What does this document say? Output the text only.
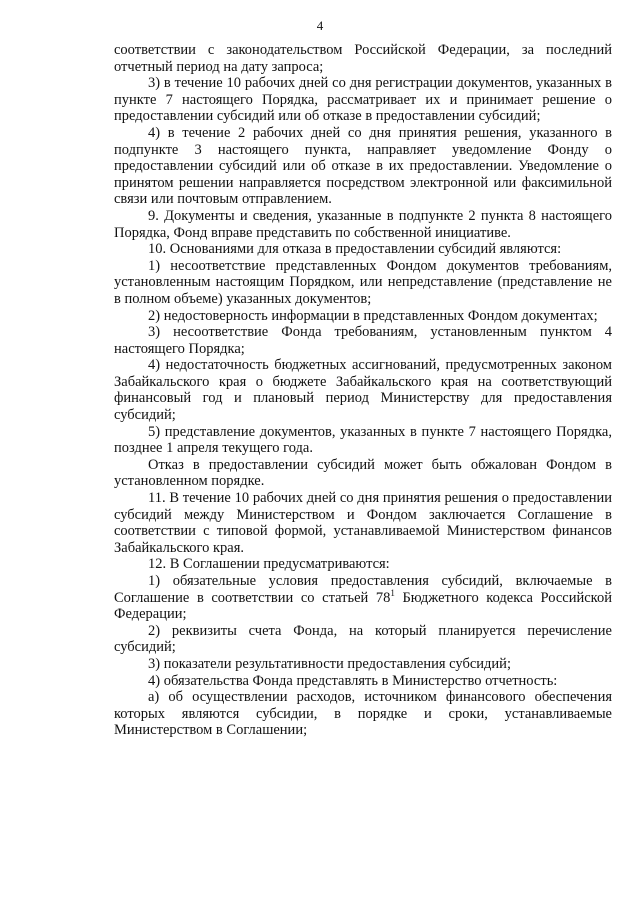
4

соответствии с законодательством Российской Федерации, за последний отчетный период на дату запроса;

3) в течение 10 рабочих дней со дня регистрации документов, указанных в пункте 7 настоящего Порядка, рассматривает их и принимает решение о предоставлении субсидий или об отказе в предоставлении субсидий;

4) в течение 2 рабочих дней со дня принятия решения, указанного в подпункте 3 настоящего пункта, направляет уведомление Фонду о предоставлении субсидий или об отказе в их предоставлении. Уведомление о принятом решении направляется посредством электронной или факсимильной связи или почтовым отправлением.

9. Документы и сведения, указанные в подпункте 2 пункта 8 настоящего Порядка, Фонд вправе представить по собственной инициативе.

10. Основаниями для отказа в предоставлении субсидий являются:

1) несоответствие представленных Фондом документов требованиям, установленным настоящим Порядком, или непредставление (представление не в полном объеме) указанных документов;

2) недостоверность информации в представленных Фондом документах;

3) несоответствие Фонда требованиям, установленным пунктом 4 настоящего Порядка;

4) недостаточность бюджетных ассигнований, предусмотренных законом Забайкальского края о бюджете Забайкальского края на соответствующий финансовый год и плановый период Министерству для предоставления субсидий;

5) представление документов, указанных в пункте 7 настоящего Порядка, позднее 1 апреля текущего года.

Отказ в предоставлении субсидий может быть обжалован Фондом в установленном порядке.

11. В течение 10 рабочих дней со дня принятия решения о предоставлении субсидий между Министерством и Фондом заключается Соглашение в соответствии с типовой формой, устанавливаемой Министерством финансов Забайкальского края.

12. В Соглашении предусматриваются:

1) обязательные условия предоставления субсидий, включаемые в Соглашение в соответствии со статьей $78^1$ Бюджетного кодекса Российской Федерации;

2) реквизиты счета Фонда, на который планируется перечисление субсидий;

3) показатели результативности предоставления субсидий;

4) обязательства Фонда представлять в Министерство отчетность:

а) об осуществлении расходов, источником финансового обеспечения которых являются субсидии, в порядке и сроки, устанавливаемые Министерством в Соглашении;
